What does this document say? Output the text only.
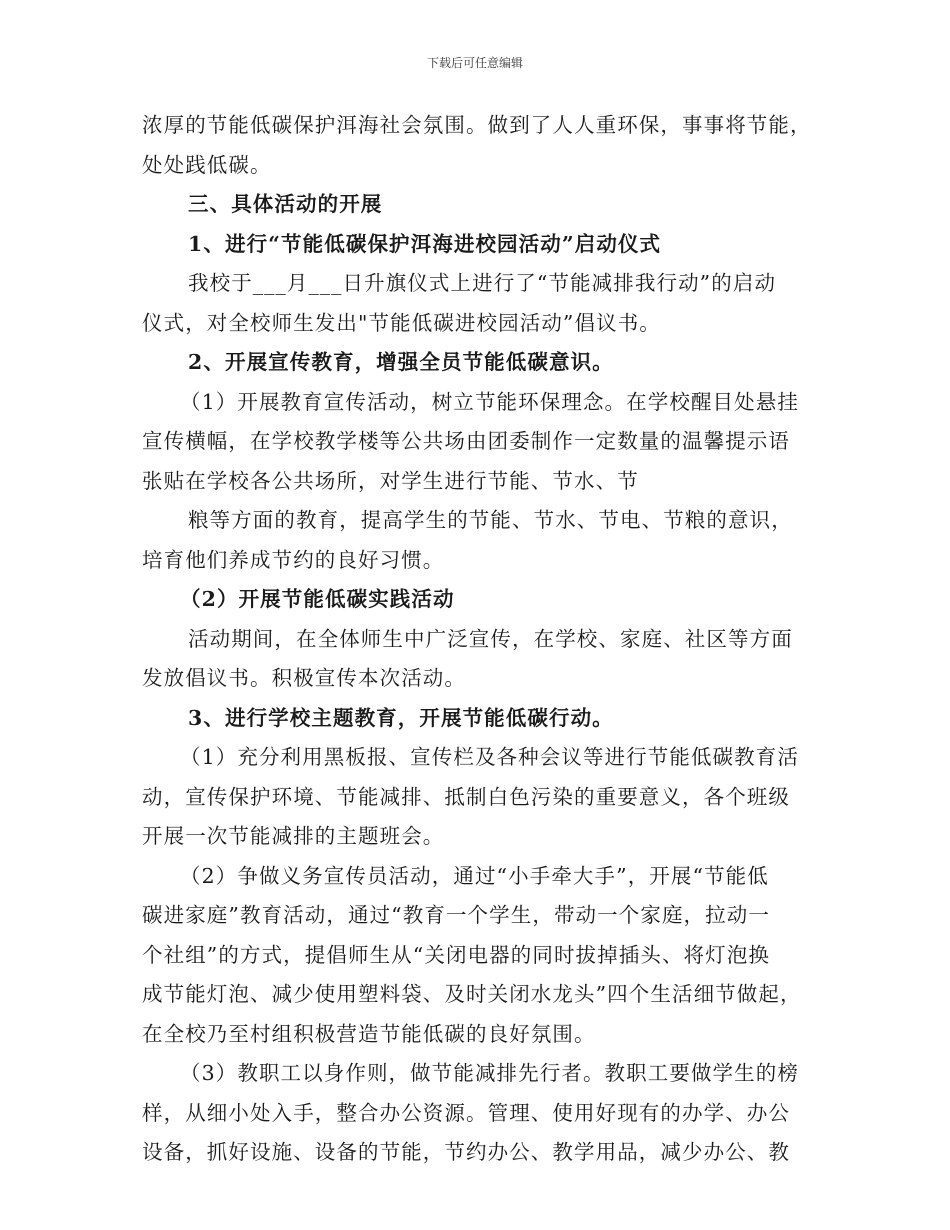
下载后可任意编辑
浓厚的节能低碳保护洱海社会氛围。做到了人人重环保，事事将节能，
处处践低碳。
三、具体活动的开展
1、进行“节能低碳保护洱海进校园活动”启动仪式
我校于___月___日升旗仪式上进行了“节能减排我行动”的启动
仪式，对全校师生发出"节能低碳进校园活动”倡议书。
2、开展宣传教育，增强全员节能低碳意识。
（1）开展教育宣传活动，树立节能环保理念。在学校醒目处悬挂
宣传横幅，在学校教学楼等公共场由团委制作一定数量的温馨提示语
张贴在学校各公共场所，对学生进行节能、节水、节
粮等方面的教育，提高学生的节能、节水、节电、节粮的意识，
培育他们养成节约的良好习惯。
（2）开展节能低碳实践活动
活动期间，在全体师生中广泛宣传，在学校、家庭、社区等方面
发放倡议书。积极宣传本次活动。
3、进行学校主题教育，开展节能低碳行动。
（1）充分利用黑板报、宣传栏及各种会议等进行节能低碳教育活
动，宣传保护环境、节能减排、抵制白色污染的重要意义，各个班级
开展一次节能减排的主题班会。
（2）争做义务宣传员活动，通过“小手牵大手”，开展“节能低
碳进家庭”教育活动，通过“教育一个学生，带动一个家庭，拉动一
个社组”的方式，提倡师生从“关闭电器的同时拔掉插头、将灯泡换
成节能灯泡、减少使用塑料袋、及时关闭水龙头”四个生活细节做起，
在全校乃至村组积极营造节能低碳的良好氛围。
（3）教职工以身作则，做节能减排先行者。教职工要做学生的榜
样，从细小处入手，整合办公资源。管理、使用好现有的办学、办公
设备，抓好设施、设备的节能，节约办公、教学用品，减少办公、教
